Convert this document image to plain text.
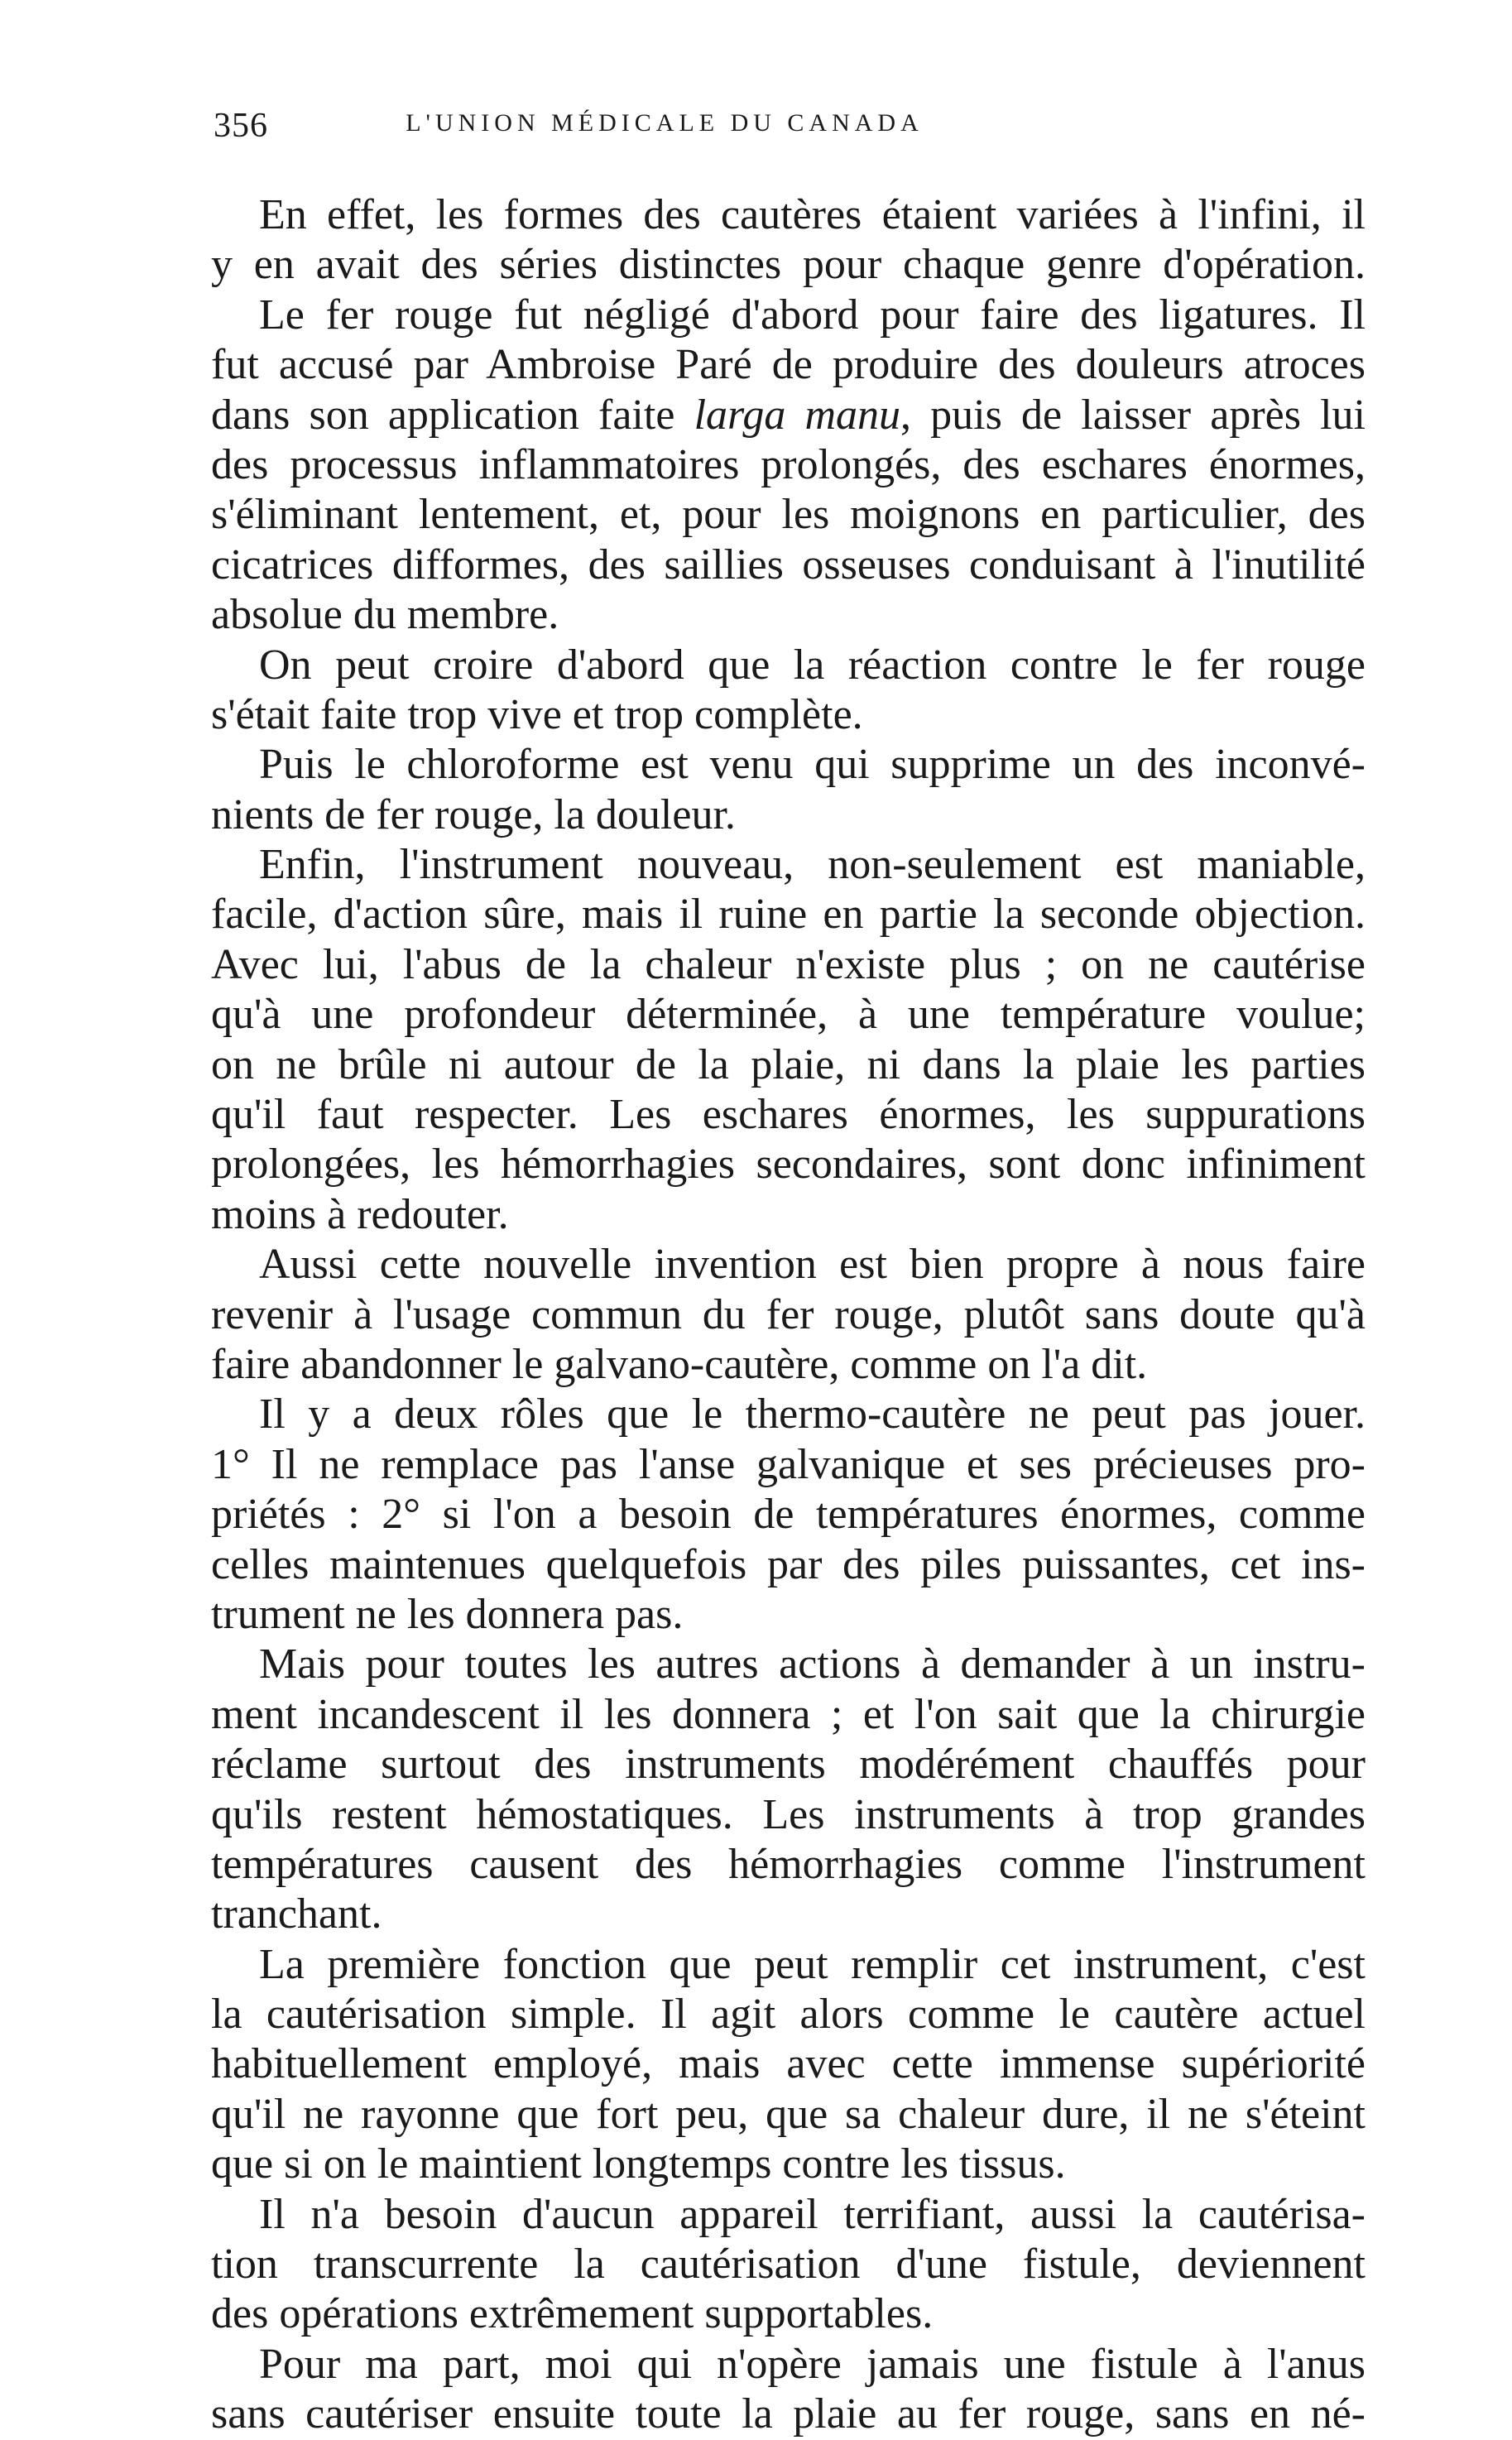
356	L'UNION MÉDICALE DU CANADA
En effet, les formes des cautères étaient variées à l'infini, il
y en avait des séries distinctes pour chaque genre d'opération.
Le fer rouge fut négligé d'abord pour faire des ligatures. Il
fut accusé par Ambroise Paré de produire des douleurs atroces
dans son application faite larga manu, puis de laisser après lui
des processus inflammatoires prolongés, des eschares énormes,
s'éliminant lentement, et, pour les moignons en particulier, des
cicatrices difformes, des saillies osseuses conduisant à l'inutilité
absolue du membre.
On peut croire d'abord que la réaction contre le fer rouge
s'était faite trop vive et trop complète.
Puis le chloroforme est venu qui supprime un des inconvé-
nients de fer rouge, la douleur.
Enfin, l'instrument nouveau, non-seulement est maniable,
facile, d'action sûre, mais il ruine en partie la seconde objection.
Avec lui, l'abus de la chaleur n'existe plus ; on ne cautérise
qu'à une profondeur déterminée, à une température voulue;
on ne brûle ni autour de la plaie, ni dans la plaie les parties
qu'il faut respecter. Les eschares énormes, les suppurations
prolongées, les hémorrhagies secondaires, sont donc infiniment
moins à redouter.
Aussi cette nouvelle invention est bien propre à nous faire
revenir à l'usage commun du fer rouge, plutôt sans doute qu'à
faire abandonner le galvano-cautère, comme on l'a dit.
Il y a deux rôles que le thermo-cautère ne peut pas jouer.
1° Il ne remplace pas l'anse galvanique et ses précieuses pro-
priétés : 2° si l'on a besoin de températures énormes, comme
celles maintenues quelquefois par des piles puissantes, cet ins-
trument ne les donnera pas.
Mais pour toutes les autres actions à demander à un instru-
ment incandescent il les donnera ; et l'on sait que la chirurgie
réclame surtout des instruments modérément chauffés pour
qu'ils restent hémostatiques. Les instruments à trop grandes
températures causent des hémorrhagies comme l'instrument
tranchant.
La première fonction que peut remplir cet instrument, c'est
la cautérisation simple. Il agit alors comme le cautère actuel
habituellement employé, mais avec cette immense supériorité
qu'il ne rayonne que fort peu, que sa chaleur dure, il ne s'éteint
que si on le maintient longtemps contre les tissus.
Il n'a besoin d'aucun appareil terrifiant, aussi la cautérisa-
tion transcurrente la cautérisation d'une fistule, deviennent
des opérations extrêmement supportables.
Pour ma part, moi qui n'opère jamais une fistule à l'anus
sans cautériser ensuite toute la plaie au fer rouge, sans en né-
